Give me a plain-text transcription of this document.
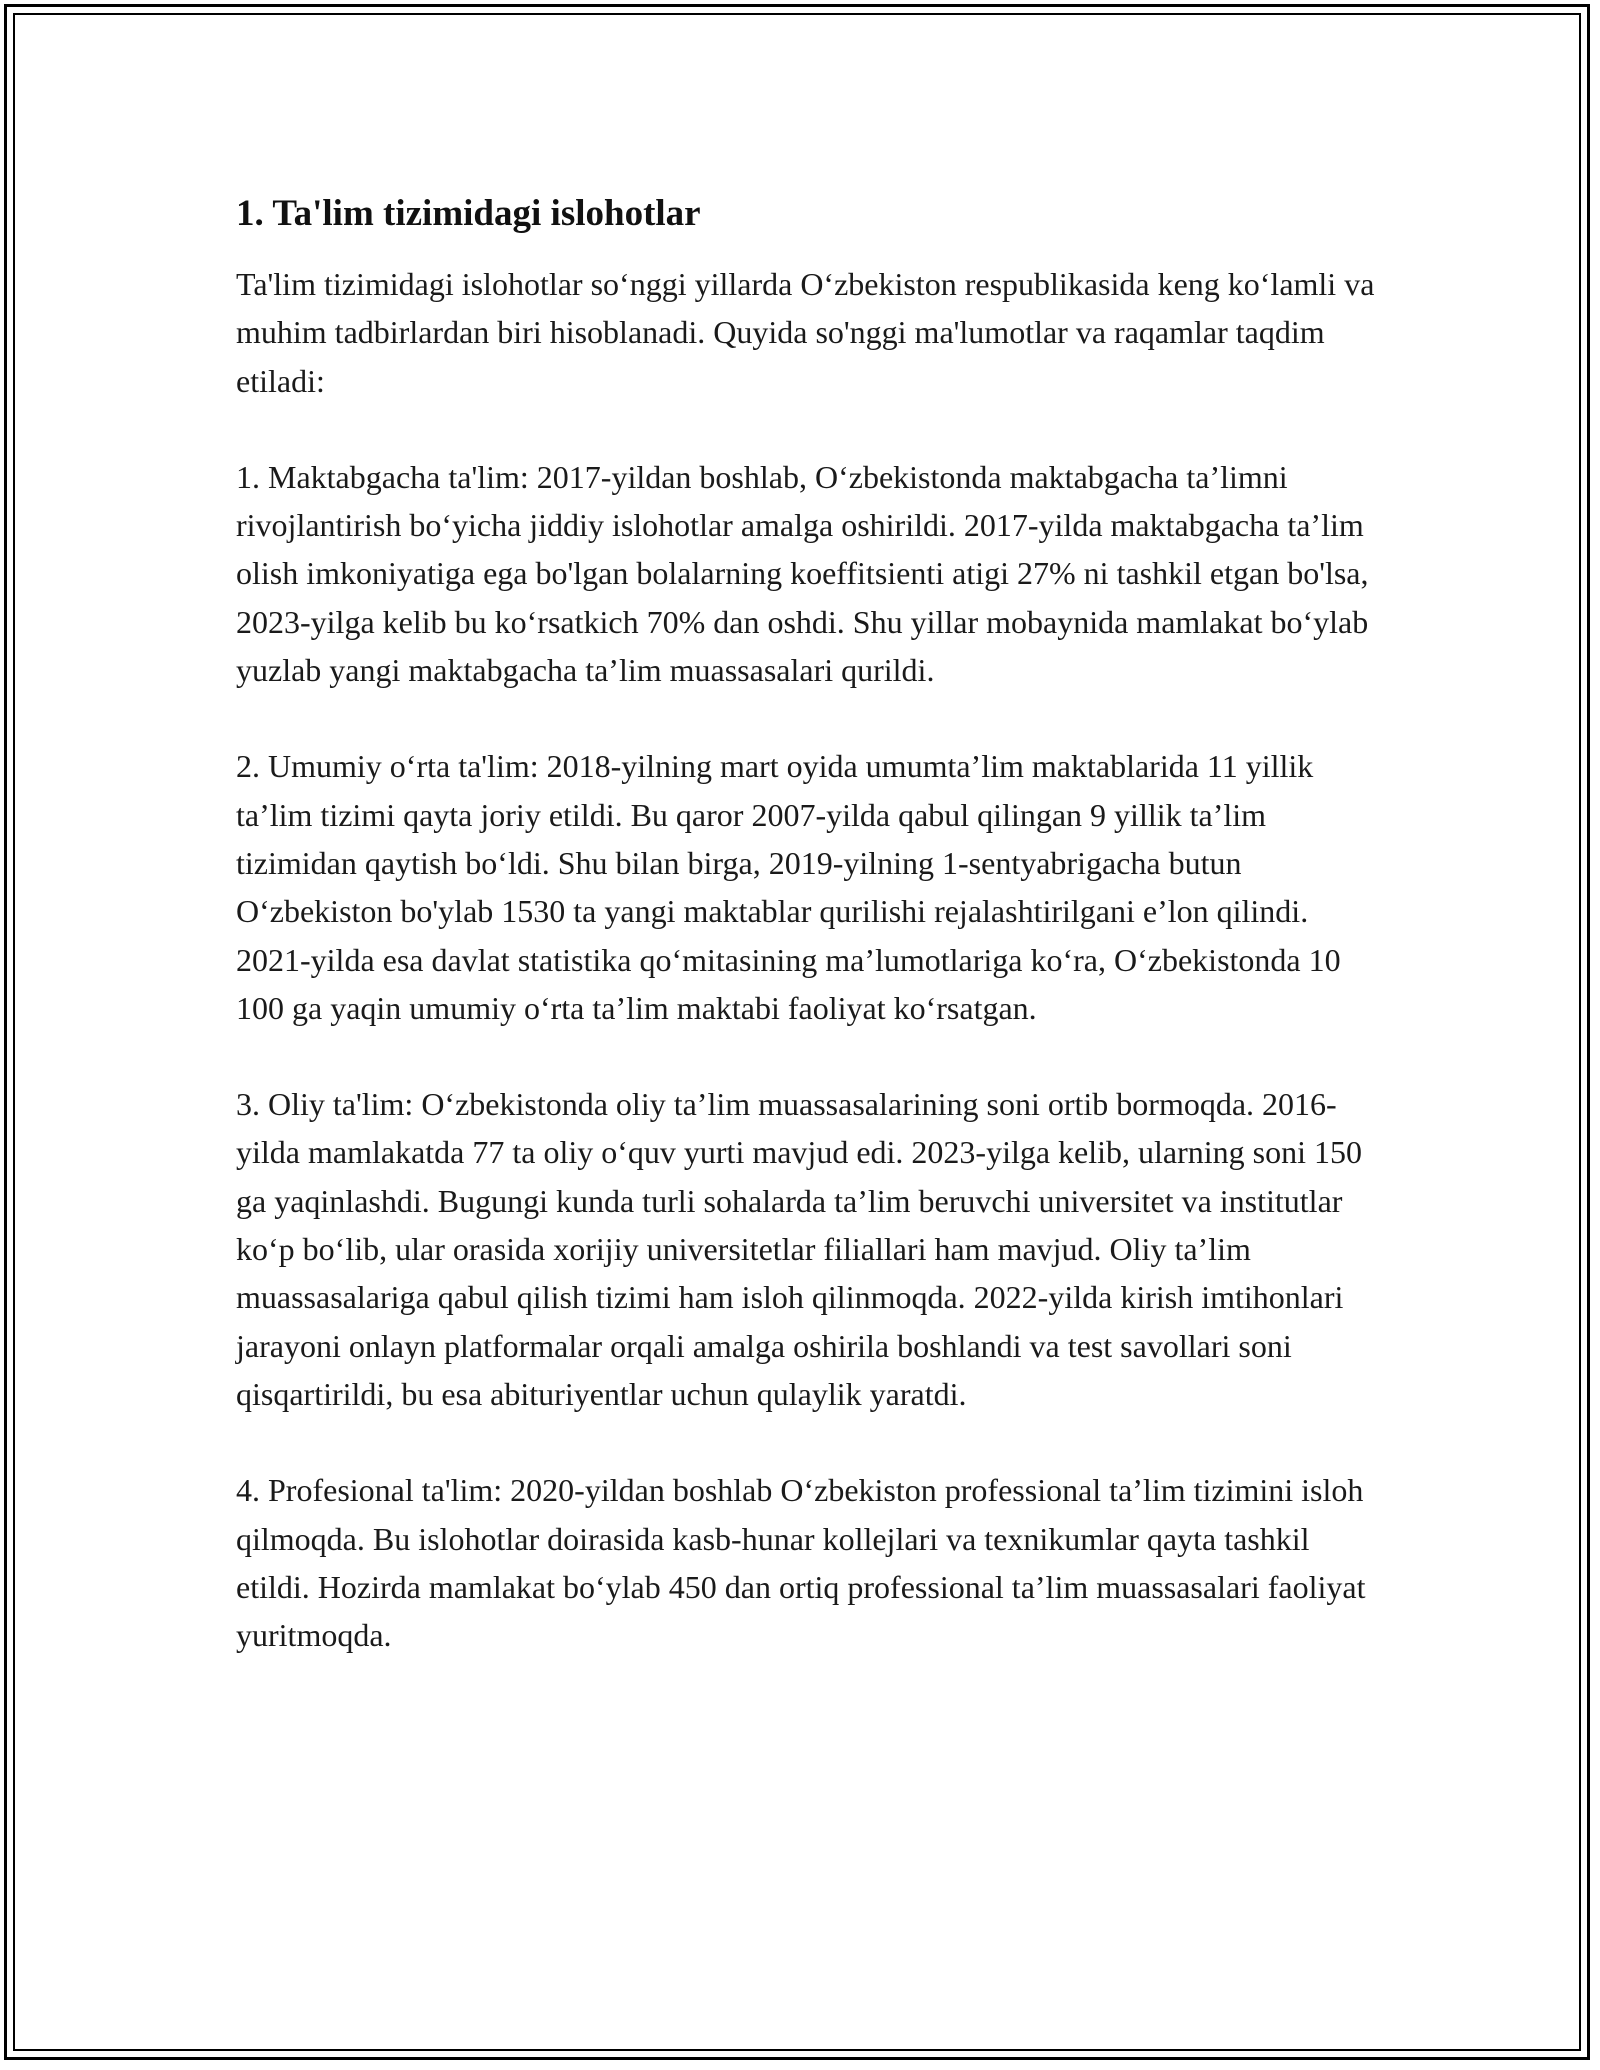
1. Ta'lim tizimidagi islohotlar

Ta'lim tizimidagi islohotlar so‘nggi yillarda O‘zbekiston respublikasida keng ko‘lamli va muhim tadbirlardan biri hisoblanadi. Quyida so'nggi ma'lumotlar va raqamlar taqdim etiladi:

1. Maktabgacha ta'lim: 2017-yildan boshlab, O‘zbekistonda maktabgacha ta’limni rivojlantirish bo‘yicha jiddiy islohotlar amalga oshirildi. 2017-yilda maktabgacha ta’lim olish imkoniyatiga ega bo'lgan bolalarning koeffitsienti atigi 27% ni tashkil etgan bo'lsa, 2023-yilga kelib bu ko‘rsatkich 70% dan oshdi. Shu yillar mobaynida mamlakat bo‘ylab yuzlab yangi maktabgacha ta’lim muassasalari qurildi.

2. Umumiy o‘rta ta'lim: 2018-yilning mart oyida umumta’lim maktablarida 11 yillik ta’lim tizimi qayta joriy etildi. Bu qaror 2007-yilda qabul qilingan 9 yillik ta’lim tizimidan qaytish bo‘ldi. Shu bilan birga, 2019-yilning 1-sentyabrigacha butun O‘zbekiston bo'ylab 1530 ta yangi maktablar qurilishi rejalashtirilgani e’lon qilindi. 2021-yilda esa davlat statistika qo‘mitasining ma’lumotlariga ko‘ra, O‘zbekistonda 10 100 ga yaqin umumiy o‘rta ta’lim maktabi faoliyat ko‘rsatgan.

3. Oliy ta'lim: O‘zbekistonda oliy ta’lim muassasalarining soni ortib bormoqda. 2016-yilda mamlakatda 77 ta oliy o‘quv yurti mavjud edi. 2023-yilga kelib, ularning soni 150 ga yaqinlashdi. Bugungi kunda turli sohalarda ta’lim beruvchi universitet va institutlar ko‘p bo‘lib, ular orasida xorijiy universitetlar filiallari ham mavjud. Oliy ta’lim muassasalariga qabul qilish tizimi ham isloh qilinmoqda. 2022-yilda kirish imtihonlari jarayoni onlayn platformalar orqali amalga oshirila boshlandi va test savollari soni qisqartirildi, bu esa abituriyentlar uchun qulaylik yaratdi.

4. Profesional ta'lim: 2020-yildan boshlab O‘zbekiston professional ta’lim tizimini isloh qilmoqda. Bu islohotlar doirasida kasb-hunar kollejlari va texnikumlar qayta tashkil etildi. Hozirda mamlakat bo‘ylab 450 dan ortiq professional ta’lim muassasalari faoliyat yuritmoqda.
